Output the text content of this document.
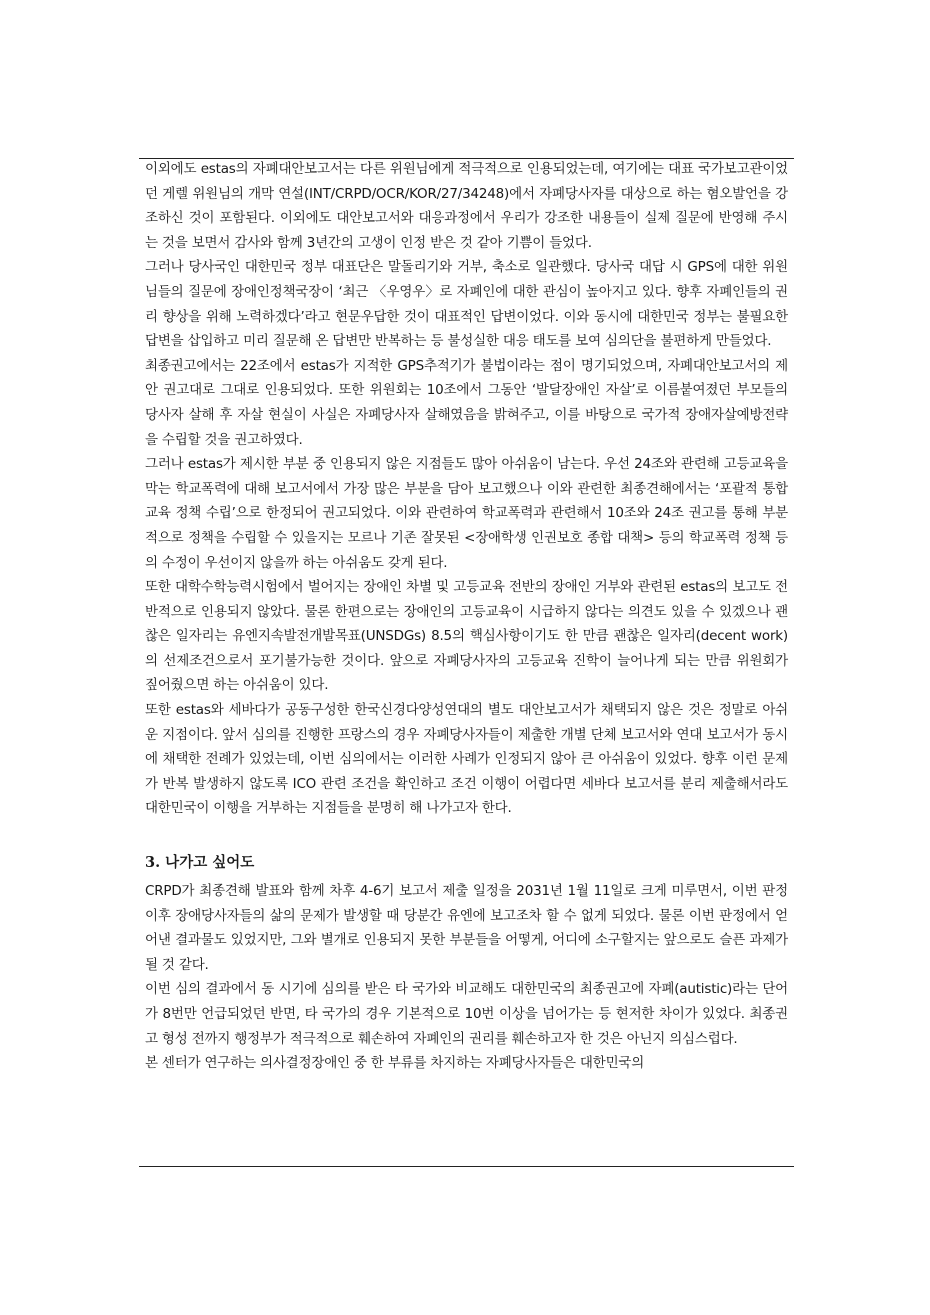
이외에도 estas의 자폐대안보고서는 다른 위원님에게 적극적으로 인용되었는데, 여기에는 대표 국가보고관이었던 게렐 위원님의 개막 연설(INT/CRPD/OCR/KOR/27/34248)에서 자폐당사자를 대상으로 하는 혐오발언을 강조하신 것이 포함된다. 이외에도 대안보고서와 대응과정에서 우리가 강조한 내용들이 실제 질문에 반영해 주시는 것을 보면서 감사와 함께 3년간의 고생이 인정 받은 것 같아 기쁨이 들었다.

그러나 당사국인 대한민국 정부 대표단은 말돌리기와 거부, 축소로 일관했다. 당사국 대답 시 GPS에 대한 위원님들의 질문에 장애인정책국장이 ‘최근 〈우영우〉로 자폐인에 대한 관심이 높아지고 있다. 향후 자폐인들의 권리 향상을 위해 노력하겠다’라고 현문우답한 것이 대표적인 답변이었다. 이와 동시에 대한민국 정부는 불필요한 답변을 삽입하고 미리 질문해 온 답변만 반복하는 등 불성실한 대응 태도를 보여 심의단을 불편하게 만들었다.

최종권고에서는 22조에서 estas가 지적한 GPS추적기가 불법이라는 점이 명기되었으며, 자폐대안보고서의 제안 권고대로 그대로 인용되었다. 또한 위원회는 10조에서 그동안 ‘발달장애인 자살’로 이름붙여졌던 부모들의 당사자 살해 후 자살 현실이 사실은 자폐당사자 살해였음을 밝혀주고, 이를 바탕으로 국가적 장애자살예방전략을 수립할 것을 권고하였다.

그러나 estas가 제시한 부분 중 인용되지 않은 지점들도 많아 아쉬움이 남는다. 우선 24조와 관련해 고등교육을 막는 학교폭력에 대해 보고서에서 가장 많은 부분을 담아 보고했으나 이와 관련한 최종견해에서는 ‘포괄적 통합교육 정책 수립’으로 한정되어 권고되었다. 이와 관련하여 학교폭력과 관련해서 10조와 24조 권고를 통해 부분적으로 정책을 수립할 수 있을지는 모르나 기존 잘못된 <장애학생 인권보호 종합 대책> 등의 학교폭력 정책 등의 수정이 우선이지 않을까 하는 아쉬움도 갖게 된다.

또한 대학수학능력시험에서 벌어지는 장애인 차별 및 고등교육 전반의 장애인 거부와 관련된 estas의 보고도 전반적으로 인용되지 않았다. 물론 한편으로는 장애인의 고등교육이 시급하지 않다는 의견도 있을 수 있겠으나 괜찮은 일자리는 유엔지속발전개발목표(UNSDGs) 8.5의 핵심사항이기도 한 만큼 괜찮은 일자리(decent work)의 선제조건으로서 포기불가능한 것이다. 앞으로 자폐당사자의 고등교육 진학이 늘어나게 되는 만큼 위원회가 짚어줬으면 하는 아쉬움이 있다.

또한 estas와 세바다가 공동구성한 한국신경다양성연대의 별도 대안보고서가 채택되지 않은 것은 정말로 아쉬운 지점이다. 앞서 심의를 진행한 프랑스의 경우 자폐당사자들이 제출한 개별 단체 보고서와 연대 보고서가 동시에 채택한 전례가 있었는데, 이번 심의에서는 이러한 사례가 인정되지 않아 큰 아쉬움이 있었다. 향후 이런 문제가 반복 발생하지 않도록 ICO 관련 조건을 확인하고 조건 이행이 어렵다면 세바다 보고서를 분리 제출해서라도 대한민국이 이행을 거부하는 지점들을 분명히 해 나가고자 한다.

3. 나가고 싶어도

CRPD가 최종견해 발표와 함께 차후 4-6기 보고서 제출 일정을 2031년 1월 11일로 크게 미루면서, 이번 판정 이후 장애당사자들의 삶의 문제가 발생할 때 당분간 유엔에 보고조차 할 수 없게 되었다. 물론 이번 판정에서 얻어낸 결과물도 있었지만, 그와 별개로 인용되지 못한 부분들을 어떻게, 어디에 소구할지는 앞으로도 슬픈 과제가 될 것 같다.

이번 심의 결과에서 동 시기에 심의를 받은 타 국가와 비교해도 대한민국의 최종권고에 자폐(autistic)라는 단어가 8번만 언급되었던 반면, 타 국가의 경우 기본적으로 10번 이상을 넘어가는 등 현저한 차이가 있었다. 최종권고 형성 전까지 행정부가 적극적으로 훼손하여 자폐인의 권리를 훼손하고자 한 것은 아닌지 의심스럽다.

본 센터가 연구하는 의사결정장애인 중 한 부류를 차지하는 자폐당사자들은 대한민국의
